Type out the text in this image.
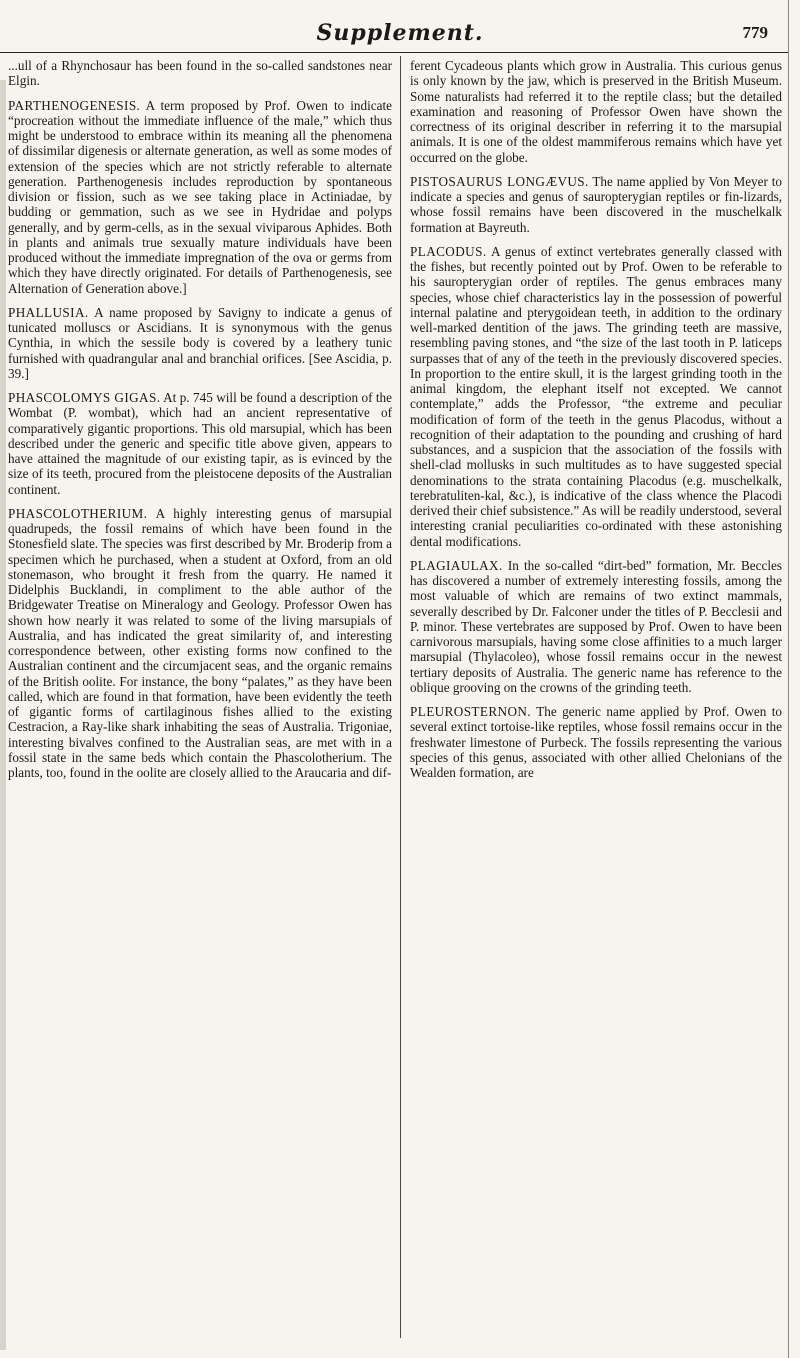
Supplement.	779

...ull of a Rhynchosaur has been found in the so-called sandstones near Elgin.

PARTHENOGENESIS. A term proposed by Prof. Owen to indicate “procreation without the immediate influence of the male,” which thus might be understood to embrace within its meaning all the phenomena of dissimilar digenesis or alternate generation, as well as some modes of extension of the species which are not strictly referable to alternate generation. Parthenogenesis includes reproduction by spontaneous division or fission, such as we see taking place in Actiniadae, by budding or gemmation, such as we see in Hydridae and polyps generally, and by germ-cells, as in the sexual viviparous Aphides. Both in plants and animals true sexually mature individuals have been produced without the immediate impregnation of the ova or germs from which they have directly originated. For details of Parthenogenesis, see Alternation of Generation above.]

PHALLUSIA. A name proposed by Savigny to indicate a genus of tunicated molluscs or Ascidians. It is synonymous with the genus Cynthia, in which the sessile body is covered by a leathery tunic furnished with quadrangular anal and branchial orifices. [See Ascidia, p. 39.]

PHASCOLOMYS GIGAS. At p. 745 will be found a description of the Wombat (P. wombat), which had an ancient representative of comparatively gigantic proportions. This old marsupial, which has been described under the generic and specific title above given, appears to have attained the magnitude of our existing tapir, as is evinced by the size of its teeth, procured from the pleistocene deposits of the Australian continent.

PHASCOLOTHERIUM. A highly interesting genus of marsupial quadrupeds, the fossil remains of which have been found in the Stonesfield slate. The species was first described by Mr. Broderip from a specimen which he purchased, when a student at Oxford, from an old stonemason, who brought it fresh from the quarry. He named it Didelphis Bucklandi, in compliment to the able author of the Bridgewater Treatise on Mineralogy and Geology. Professor Owen has shown how nearly it was related to some of the living marsupials of Australia, and has indicated the great similarity of, and interesting correspondence between, other existing forms now confined to the Australian continent and the circumjacent seas, and the organic remains of the British oolite. For instance, the bony “palates,” as they have been called, which are found in that formation, have been evidently the teeth of gigantic forms of cartilaginous fishes allied to the existing Cestracion, a Ray-like shark inhabiting the seas of Australia. Trigoniae, interesting bivalves confined to the Australian seas, are met with in a fossil state in the same beds which contain the Phascolotherium. The plants, too, found in the oolite are closely allied to the Araucaria and dif-

ferent Cycadeous plants which grow in Australia. This curious genus is only known by the jaw, which is preserved in the British Museum. Some naturalists had referred it to the reptile class; but the detailed examination and reasoning of Professor Owen have shown the correctness of its original describer in referring it to the marsupial animals. It is one of the oldest mammiferous remains which have yet occurred on the globe.

PISTOSAURUS LONGÆVUS. The name applied by Von Meyer to indicate a species and genus of sauropterygian reptiles or fin-lizards, whose fossil remains have been discovered in the muschelkalk formation at Bayreuth.

PLACODUS. A genus of extinct vertebrates generally classed with the fishes, but recently pointed out by Prof. Owen to be referable to his sauropterygian order of reptiles. The genus embraces many species, whose chief characteristics lay in the possession of powerful internal palatine and pterygoidean teeth, in addition to the ordinary well-marked dentition of the jaws. The grinding teeth are massive, resembling paving stones, and “the size of the last tooth in P. laticeps surpasses that of any of the teeth in the previously discovered species. In proportion to the entire skull, it is the largest grinding tooth in the animal kingdom, the elephant itself not excepted. We cannot contemplate,” adds the Professor, “the extreme and peculiar modification of form of the teeth in the genus Placodus, without a recognition of their adaptation to the pounding and crushing of hard substances, and a suspicion that the association of the fossils with shell-clad mollusks in such multitudes as to have suggested special denominations to the strata containing Placodus (e.g. muschelkalk, terebratuliten-kal, &c.), is indicative of the class whence the Placodi derived their chief subsistence.” As will be readily understood, several interesting cranial peculiarities co-ordinated with these astonishing dental modifications.

PLAGIAULAX. In the so-called “dirt-bed” formation, Mr. Beccles has discovered a number of extremely interesting fossils, among the most valuable of which are remains of two extinct mammals, severally described by Dr. Falconer under the titles of P. Becclesii and P. minor. These vertebrates are supposed by Prof. Owen to have been carnivorous marsupials, having some close affinities to a much larger marsupial (Thylacoleo), whose fossil remains occur in the newest tertiary deposits of Australia. The generic name has reference to the oblique grooving on the crowns of the grinding teeth.

PLEUROSTERNON. The generic name applied by Prof. Owen to several extinct tortoise-like reptiles, whose fossil remains occur in the freshwater limestone of Purbeck. The fossils representing the various species of this genus, associated with other allied Chelonians of the Wealden formation, are
